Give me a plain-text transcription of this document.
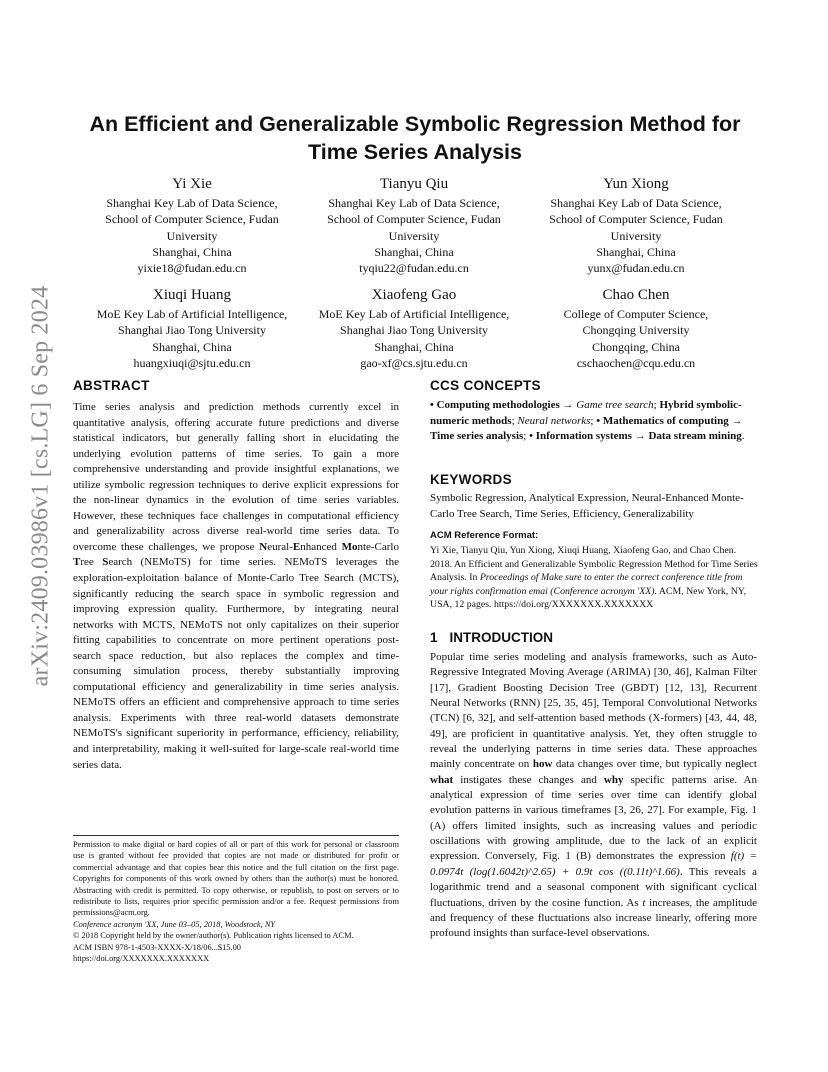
arXiv:2409.03986v1 [cs.LG] 6 Sep 2024
An Efficient and Generalizable Symbolic Regression Method for
Time Series Analysis
Yi Xie
Shanghai Key Lab of Data Science,
School of Computer Science, Fudan
University
Shanghai, China
yixie18@fudan.edu.cn
Tianyu Qiu
Shanghai Key Lab of Data Science,
School of Computer Science, Fudan
University
Shanghai, China
tyqiu22@fudan.edu.cn
Yun Xiong
Shanghai Key Lab of Data Science,
School of Computer Science, Fudan
University
Shanghai, China
yunx@fudan.edu.cn
Xiuqi Huang
MoE Key Lab of Artificial Intelligence,
Shanghai Jiao Tong University
Shanghai, China
huangxiuqi@sjtu.edu.cn
Xiaofeng Gao
MoE Key Lab of Artificial Intelligence,
Shanghai Jiao Tong University
Shanghai, China
gao-xf@cs.sjtu.edu.cn
Chao Chen
College of Computer Science,
Chongqing University
Chongqing, China
cschaochen@cqu.edu.cn
ABSTRACT

Time series analysis and prediction methods currently excel in quantitative analysis, offering accurate future predictions and diverse statistical indicators, but generally falling short in elucidating the underlying evolution patterns of time series. To gain a more comprehensive understanding and provide insightful explanations, we utilize symbolic regression techniques to derive explicit expressions for the non-linear dynamics in the evolution of time series variables. However, these techniques face challenges in computational efficiency and generalizability across diverse real-world time series data. To overcome these challenges, we propose Neural-Enhanced Monte-Carlo Tree Search (NEMoTS) for time series. NEMoTS leverages the exploration-exploitation balance of Monte-Carlo Tree Search (MCTS), significantly reducing the search space in symbolic regression and improving expression quality. Furthermore, by integrating neural networks with MCTS, NEMoTS not only capitalizes on their superior fitting capabilities to concentrate on more pertinent operations post-search space reduction, but also replaces the complex and time-consuming simulation process, thereby substantially improving computational efficiency and generalizability in time series analysis. NEMoTS offers an efficient and comprehensive approach to time series analysis. Experiments with three real-world datasets demonstrate NEMoTS's significant superiority in performance, efficiency, reliability, and interpretability, making it well-suited for large-scale real-world time series data.

Permission to make digital or hard copies of all or part of this work for personal or classroom use is granted without fee provided that copies are not made or distributed for profit or commercial advantage and that copies bear this notice and the full citation on the first page. Copyrights for components of this work owned by others than the author(s) must be honored. Abstracting with credit is permitted. To copy otherwise, or republish, to post on servers or to redistribute to lists, requires prior specific permission and/or a fee. Request permissions from permissions@acm.org.
Conference acronym 'XX, June 03–05, 2018, Woodstock, NY
© 2018 Copyright held by the owner/author(s). Publication rights licensed to ACM.
ACM ISBN 978-1-4503-XXXX-X/18/06...$15.00
https://doi.org/XXXXXXX.XXXXXXX

CCS CONCEPTS

• Computing methodologies → Game tree search; Hybrid symbolic-numeric methods; Neural networks; • Mathematics of computing → Time series analysis; • Information systems → Data stream mining.

KEYWORDS

Symbolic Regression, Analytical Expression, Neural-Enhanced Monte-Carlo Tree Search, Time Series, Efficiency, Generalizability

ACM Reference Format:

Yi Xie, Tianyu Qiu, Yun Xiong, Xiuqi Huang, Xiaofeng Gao, and Chao Chen. 2018. An Efficient and Generalizable Symbolic Regression Method for Time Series Analysis. In Proceedings of Make sure to enter the correct conference title from your rights confirmation emai (Conference acronym 'XX). ACM, New York, NY, USA, 12 pages. https://doi.org/XXXXXXX.XXXXXXX

1 INTRODUCTION

Popular time series modeling and analysis frameworks, such as Auto-Regressive Integrated Moving Average (ARIMA) [30, 46], Kalman Filter [17], Gradient Boosting Decision Tree (GBDT) [12, 13], Recurrent Neural Networks (RNN) [25, 35, 45], Temporal Convolutional Networks (TCN) [6, 32], and self-attention based methods (X-formers) [43, 44, 48, 49], are proficient in quantitative analysis. Yet, they often struggle to reveal the underlying patterns in time series data. These approaches mainly concentrate on how data changes over time, but typically neglect what instigates these changes and why specific patterns arise. An analytical expression of time series over time can identify global evolution patterns in various timeframes [3, 26, 27]. For example, Fig. 1 (A) offers limited insights, such as increasing values and periodic oscillations with growing amplitude, due to the lack of an explicit expression. Conversely, Fig. 1 (B) demonstrates the expression f(t) = 0.0974t (log(1.6042t)^2.65) + 0.9t cos ((0.11t)^1.66). This reveals a logarithmic trend and a seasonal component with significant cyclical fluctuations, driven by the cosine function. As t increases, the amplitude and frequency of these fluctuations also increase linearly, offering more profound insights than surface-level observations.
